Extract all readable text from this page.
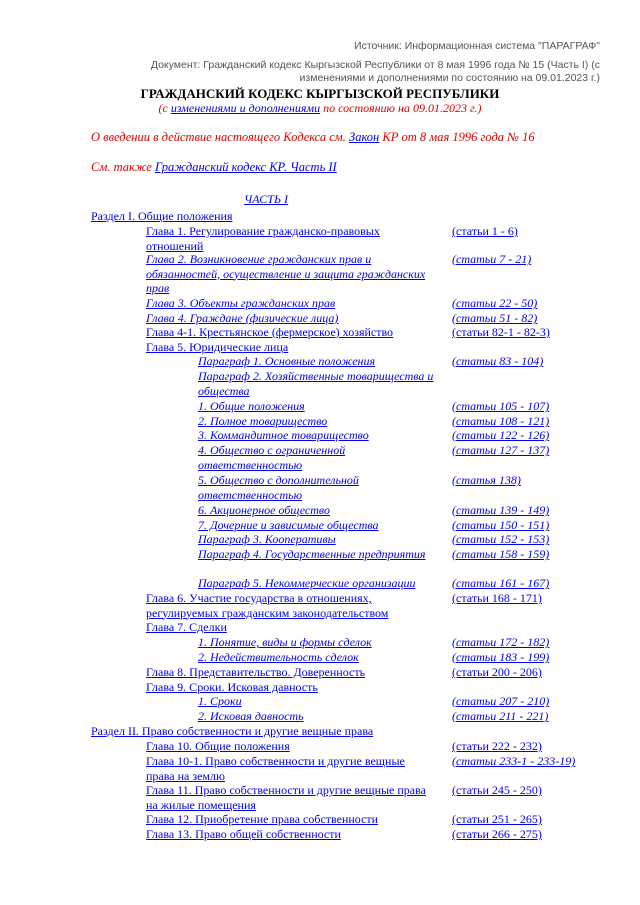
Источник: Информационная система "ПАРАГРАФ"
Документ: Гражданский кодекс Кыргызской Республики от 8 мая 1996 года № 15 (Часть I) (с изменениями и дополнениями по состоянию на 09.01.2023 г.)
ГРАЖДАНСКИЙ КОДЕКС КЫРГЫЗСКОЙ РЕСПУБЛИКИ
(с изменениями и дополнениями по состоянию на 09.01.2023 г.)
О введении в действие настоящего Кодекса см. Закон КР от 8 мая 1996 года № 16
См. также Гражданский кодекс КР. Часть II
ЧАСТЬ I
Раздел I. Общие положения
Глава 1. Регулирование гражданско-правовых отношений
(статьи 1 - 6)
Глава 2. Возникновение гражданских прав и обязанностей, осуществление и защита гражданских прав
(статьи 7 - 21)
Глава 3. Объекты гражданских прав	(статьи 22 - 50)
Глава 4. Граждане (физические лица)	(статьи 51 - 82)
Глава 4-1. Крестьянское (фермерское) хозяйство	(статьи 82-1 - 82-3)
Глава 5. Юридические лица
Параграф 1. Основные положения	(статьи 83 - 104)
Параграф 2. Хозяйственные товарищества и общества
1. Общие положения	(статьи 105 - 107)
2. Полное товарищество	(статьи 108 - 121)
3. Коммандитное товарищество	(статьи 122 - 126)
4. Общество с ограниченной ответственностью
(статьи 127 - 137)
5. Общество с дополнительной ответственностью
(статья 138)
6. Акционерное общество	(статьи 139 - 149)
7. Дочерние и зависимые общества	(статьи 150 - 151)
Параграф 3. Кооперативы	(статьи 152 - 153)
Параграф 4. Государственные предприятия	(статьи 158 - 159)
Параграф 5. Некоммерческие организации	(статьи 161 - 167)
Глава 6. Участие государства в отношениях, регулируемых гражданским законодательством
(статьи 168 - 171)
Глава 7. Сделки
1. Понятие, виды и формы сделок	(статьи 172 - 182)
2. Недействительность сделок	(статьи 183 - 199)
Глава 8. Представительство. Доверенность	(статьи 200 - 206)
Глава 9. Сроки. Исковая давность
1. Сроки	(статьи 207 - 210)
2. Исковая давность	(статьи 211 - 221)
Раздел II. Право собственности и другие вещные права
Глава 10. Общие положения	(статьи 222 - 232)
Глава 10-1. Право собственности и другие вещные права на землю
(статьи 233-1 - 233-19)
Глава 11. Право собственности и другие вещные права на жилые помещения
(статьи 245 - 250)
Глава 12. Приобретение права собственности	(статьи 251 - 265)
Глава 13. Право общей собственности	(статьи 266 - 275)
